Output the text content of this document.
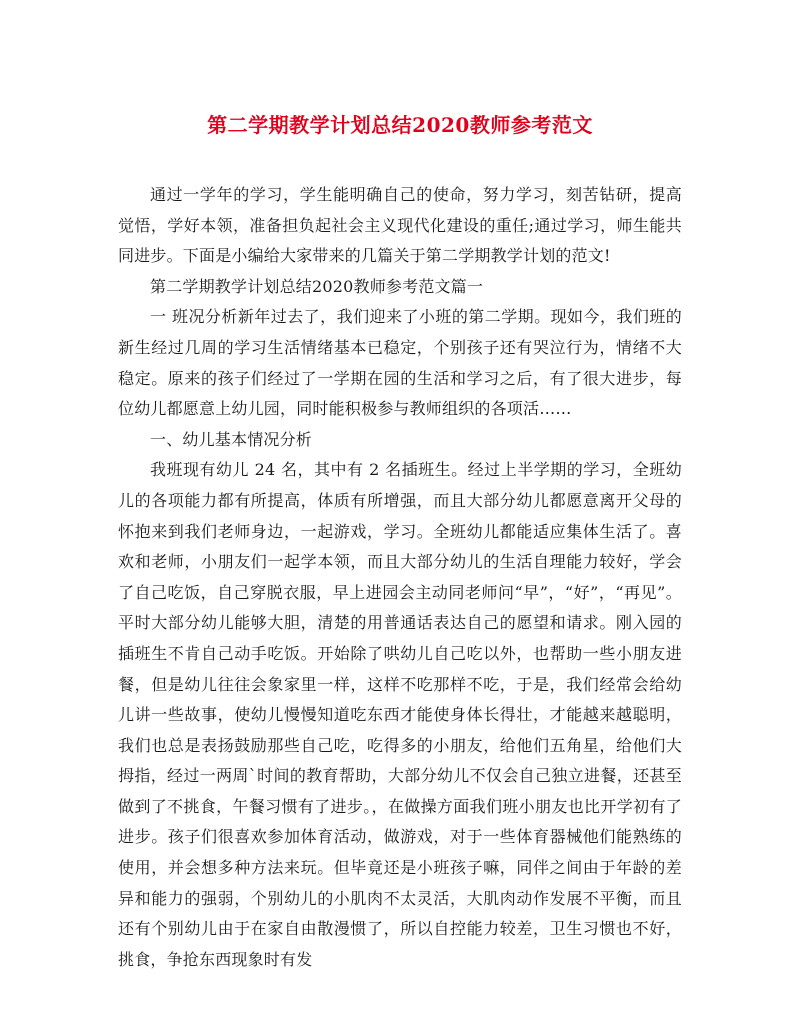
第二学期教学计划总结2020教师参考范文

通过一学年的学习，学生能明确自己的使命，努力学习，刻苦钻研，提高觉悟，学好本领，准备担负起社会主义现代化建设的重任;通过学习，师生能共同进步。下面是小编给大家带来的几篇关于第二学期教学计划的范文!

第二学期教学计划总结2020教师参考范文篇一

一 班况分析新年过去了，我们迎来了小班的第二学期。现如今，我们班的新生经过几周的学习生活情绪基本已稳定，个别孩子还有哭泣行为，情绪不大稳定。原来的孩子们经过了一学期在园的生活和学习之后，有了很大进步，每位幼儿都愿意上幼儿园，同时能积极参与教师组织的各项活……

一、幼儿基本情况分析

我班现有幼儿 24 名，其中有 2 名插班生。经过上半学期的学习，全班幼儿的各项能力都有所提高，体质有所增强，而且大部分幼儿都愿意离开父母的怀抱来到我们老师身边，一起游戏，学习。全班幼儿都能适应集体生活了。喜欢和老师，小朋友们一起学本领，而且大部分幼儿的生活自理能力较好，学会了自己吃饭，自己穿脱衣服，早上进园会主动同老师问“早”，“好”，“再见”。平时大部分幼儿能够大胆，清楚的用普通话表达自己的愿望和请求。刚入园的插班生不肯自己动手吃饭。开始除了哄幼儿自己吃以外，也帮助一些小朋友进餐，但是幼儿往往会象家里一样，这样不吃那样不吃，于是，我们经常会给幼儿讲一些故事，使幼儿慢慢知道吃东西才能使身体长得壮，才能越来越聪明，我们也总是表扬鼓励那些自己吃，吃得多的小朋友，给他们五角星，给他们大拇指，经过一两周`时间的教育帮助，大部分幼儿不仅会自己独立进餐，还甚至做到了不挑食，午餐习惯有了进步。，在做操方面我们班小朋友也比开学初有了进步。孩子们很喜欢参加体育活动，做游戏，对于一些体育器械他们能熟练的使用，并会想多种方法来玩。但毕竟还是小班孩子嘛，同伴之间由于年龄的差异和能力的强弱，个别幼儿的小肌肉不太灵活，大肌肉动作发展不平衡，而且还有个别幼儿由于在家自由散漫惯了，所以自控能力较差，卫生习惯也不好，挑食，争抢东西现象时有发
